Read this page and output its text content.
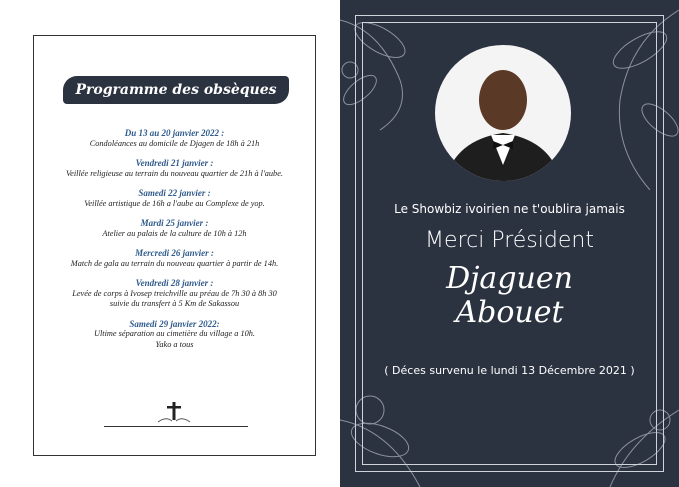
Programme des obsèques
Du 13 au 20 janvier 2022 :
Condoléances au domicile de Djagen de 18h à 21h
Vendredi 21 janvier :
Veillée religieuse au terrain du nouveau quartier de 21h à l'aube.
Samedi 22 janvier :
Veillée artistique de 16h a l'aube au Complexe de yop.
Mardi 25 janvier :
Atelier au palais de la culture de 10h à 12h
Mercredi 26 janvier :
Match de gala au terrain du nouveau quartier à partir de 14h.
Vendredi 28 janvier :
Levée de corps à Ivosep treichville au préau de 7h 30 à 8h 30
suivie du transfert à 5 Km de Sakassou
Samedi 29 janvier 2022:
Ultime séparation au cimetière du village a 10h.
Yako a tous
Le Showbiz ivoirien ne t'oublira jamais
Merci Président
Djaguen
Abouet
( Déces survenu le lundi 13 Décembre 2021 )
